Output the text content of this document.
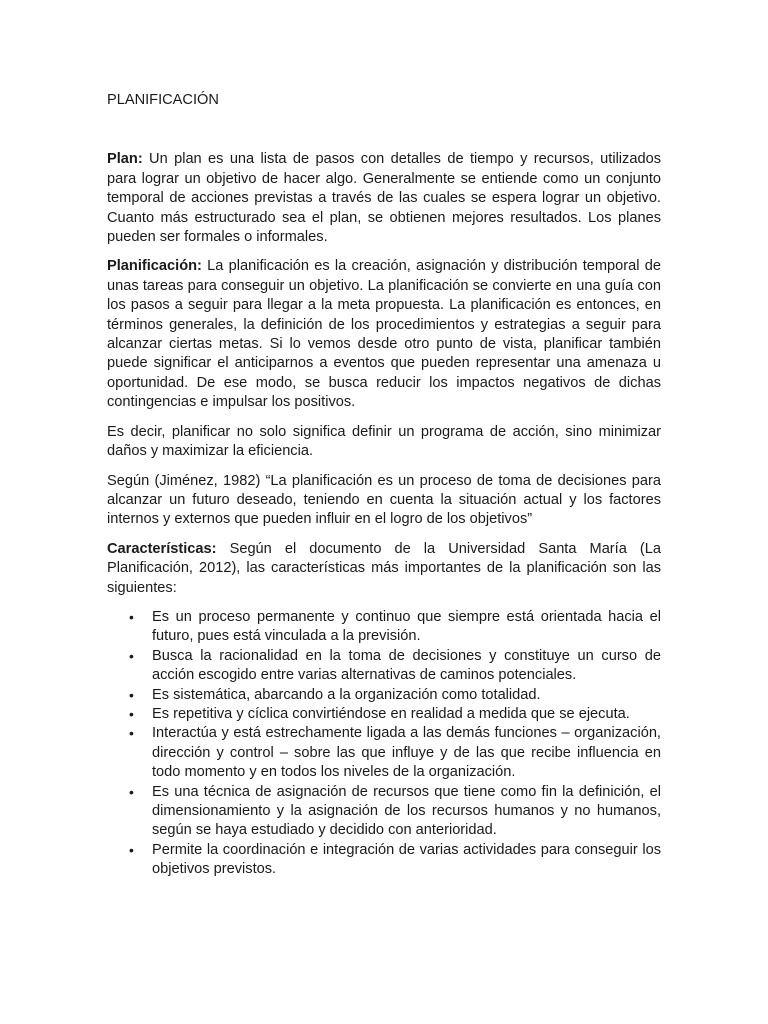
PLANIFICACIÓN

Plan: Un plan es una lista de pasos con detalles de tiempo y recursos, utilizados para lograr un objetivo de hacer algo. Generalmente se entiende como un conjunto temporal de acciones previstas a través de las cuales se espera lograr un objetivo. Cuanto más estructurado sea el plan, se obtienen mejores resultados. Los planes pueden ser formales o informales.

Planificación: La planificación es la creación, asignación y distribución temporal de unas tareas para conseguir un objetivo. La planificación se convierte en una guía con los pasos a seguir para llegar a la meta propuesta. La planificación es entonces, en términos generales, la definición de los procedimientos y estrategias a seguir para alcanzar ciertas metas. Si lo vemos desde otro punto de vista, planificar también puede significar el anticiparnos a eventos que pueden representar una amenaza u oportunidad. De ese modo, se busca reducir los impactos negativos de dichas contingencias e impulsar los positivos.

Es decir, planificar no solo significa definir un programa de acción, sino minimizar daños y maximizar la eficiencia.

Según (Jiménez, 1982) “La planificación es un proceso de toma de decisiones para alcanzar un futuro deseado, teniendo en cuenta la situación actual y los factores internos y externos que pueden influir en el logro de los objetivos”

Características: Según el documento de la Universidad Santa María (La Planificación, 2012), las características más importantes de la planificación son las siguientes:

• Es un proceso permanente y continuo que siempre está orientada hacia el futuro, pues está vinculada a la previsión.
• Busca la racionalidad en la toma de decisiones y constituye un curso de acción escogido entre varias alternativas de caminos potenciales.
• Es sistemática, abarcando a la organización como totalidad.
• Es repetitiva y cíclica convirtiéndose en realidad a medida que se ejecuta.
• Interactúa y está estrechamente ligada a las demás funciones – organización, dirección y control – sobre las que influye y de las que recibe influencia en todo momento y en todos los niveles de la organización.
• Es una técnica de asignación de recursos que tiene como fin la definición, el dimensionamiento y la asignación de los recursos humanos y no humanos, según se haya estudiado y decidido con anterioridad.
• Permite la coordinación e integración de varias actividades para conseguir los objetivos previstos.
